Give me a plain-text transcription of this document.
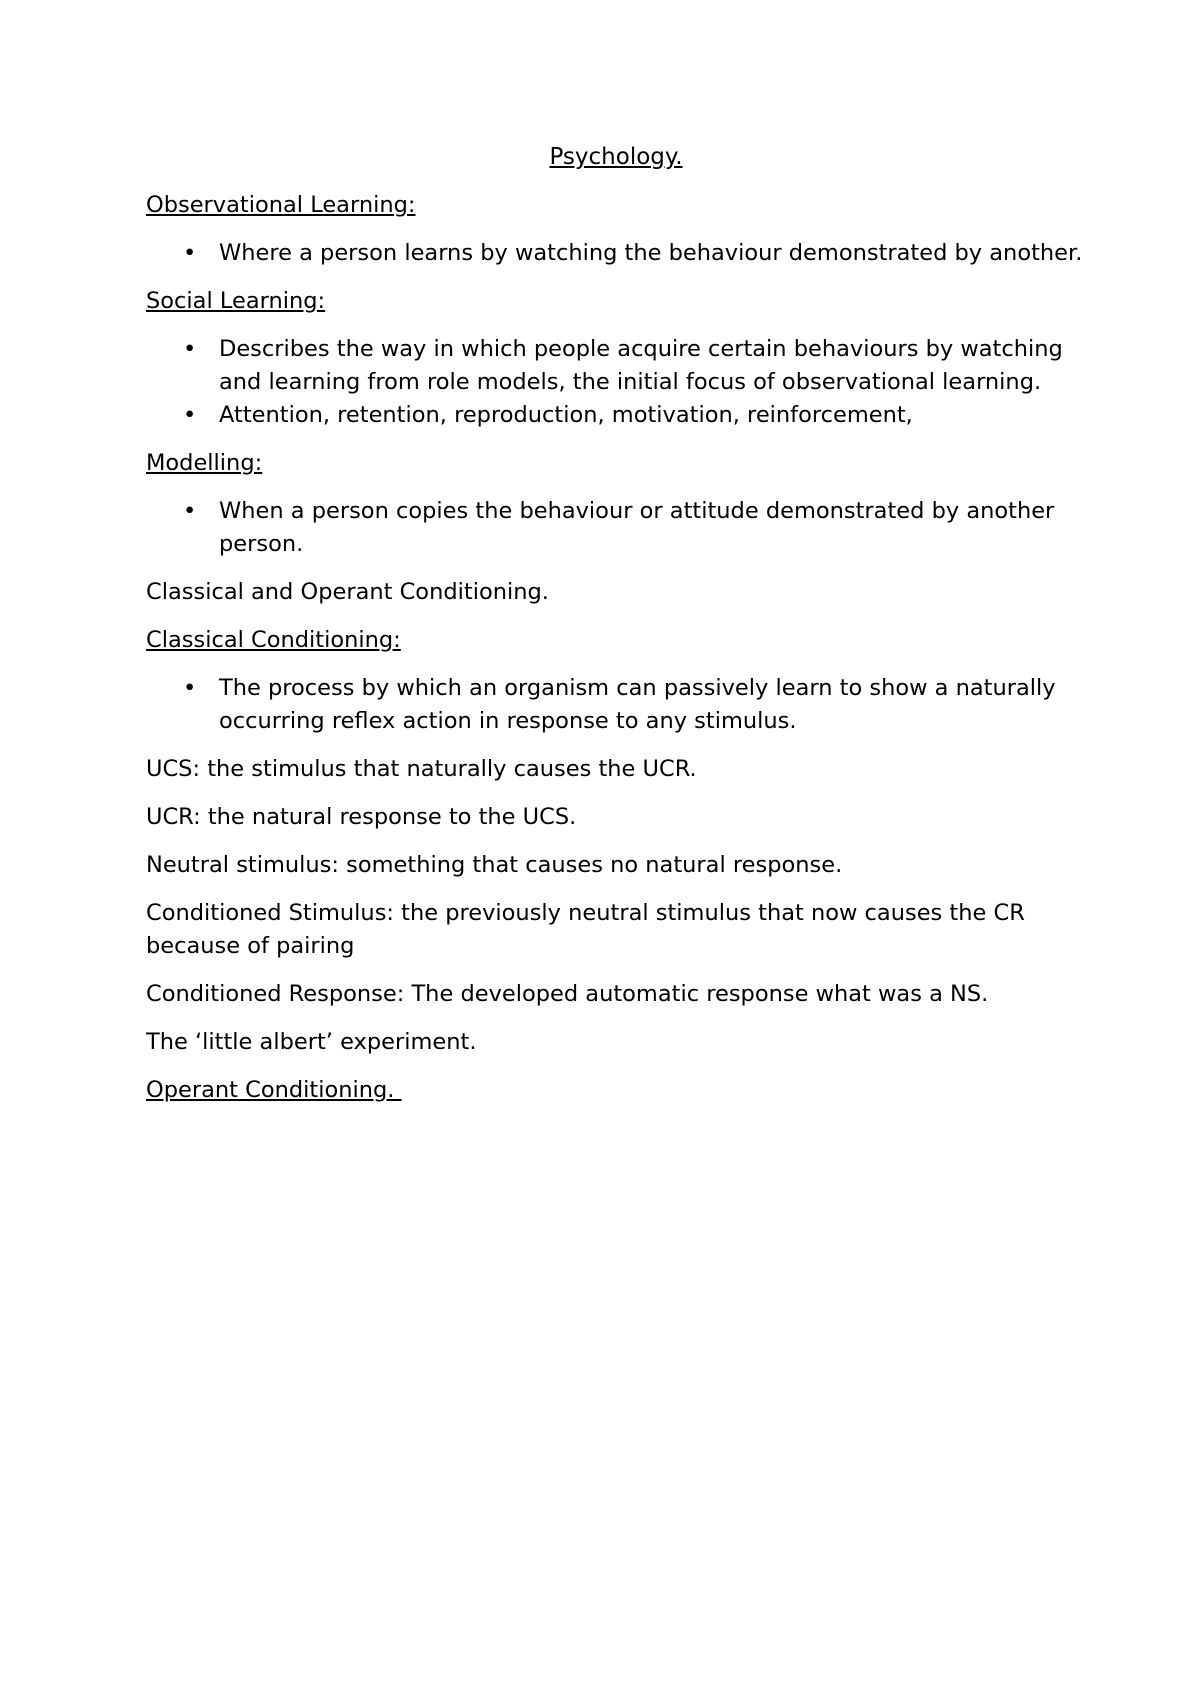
Psychology.
Observational Learning:
• Where a person learns by watching the behaviour demonstrated by another.
Social Learning:
• Describes the way in which people acquire certain behaviours by watching and learning from role models, the initial focus of observational learning.
• Attention, retention, reproduction, motivation, reinforcement,
Modelling:
• When a person copies the behaviour or attitude demonstrated by another person.
Classical and Operant Conditioning.
Classical Conditioning:
• The process by which an organism can passively learn to show a naturally occurring reflex action in response to any stimulus.
UCS: the stimulus that naturally causes the UCR.
UCR: the natural response to the UCS.
Neutral stimulus: something that causes no natural response.
Conditioned Stimulus: the previously neutral stimulus that now causes the CR because of pairing
Conditioned Response: The developed automatic response what was a NS.
The ‘little albert’ experiment.
Operant Conditioning.
